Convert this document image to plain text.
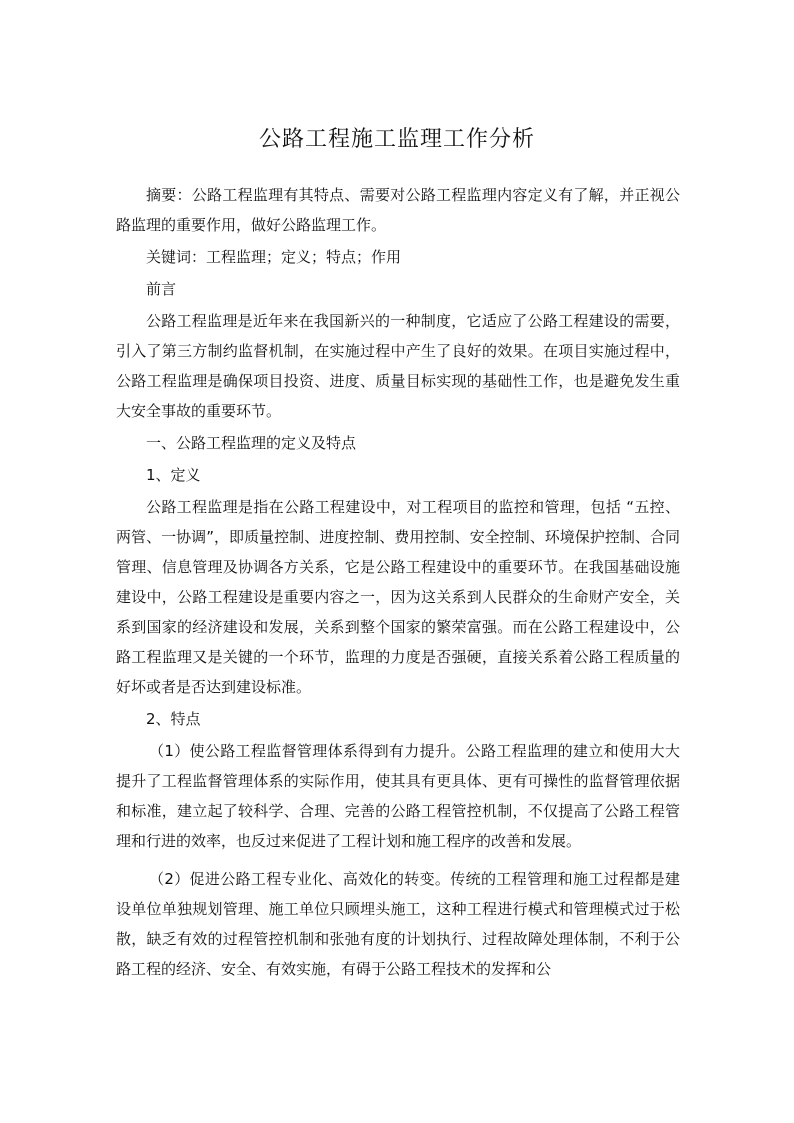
公路工程施工监理工作分析

摘要：公路工程监理有其特点、需要对公路工程监理内容定义有了解，并正视公路监理的重要作用，做好公路监理工作。

关键词：工程监理；定义；特点；作用

前言

公路工程监理是近年来在我国新兴的一种制度，它适应了公路工程建设的需要，引入了第三方制约监督机制，在实施过程中产生了良好的效果。在项目实施过程中，公路工程监理是确保项目投资、进度、质量目标实现的基础性工作，也是避免发生重大安全事故的重要环节。

一、公路工程监理的定义及特点

1、定义

公路工程监理是指在公路工程建设中，对工程项目的监控和管理，包括 “五控、两管、一协调”，即质量控制、进度控制、费用控制、安全控制、环境保护控制、合同管理、信息管理及协调各方关系，它是公路工程建设中的重要环节。在我国基础设施建设中，公路工程建设是重要内容之一，因为这关系到人民群众的生命财产安全，关系到国家的经济建设和发展，关系到整个国家的繁荣富强。而在公路工程建设中，公路工程监理又是关键的一个环节，监理的力度是否强硬，直接关系着公路工程质量的好坏或者是否达到建设标准。

2、特点

（1）使公路工程监督管理体系得到有力提升。公路工程监理的建立和使用大大提升了工程监督管理体系的实际作用，使其具有更具体、更有可操性的监督管理依据和标准，建立起了较科学、合理、完善的公路工程管控机制，不仅提高了公路工程管理和行进的效率，也反过来促进了工程计划和施工程序的改善和发展。

（2）促进公路工程专业化、高效化的转变。传统的工程管理和施工过程都是建设单位单独规划管理、施工单位只顾埋头施工，这种工程进行模式和管理模式过于松散，缺乏有效的过程管控机制和张弛有度的计划执行、过程故障处理体制，不利于公路工程的经济、安全、有效实施，有碍于公路工程技术的发挥和公
